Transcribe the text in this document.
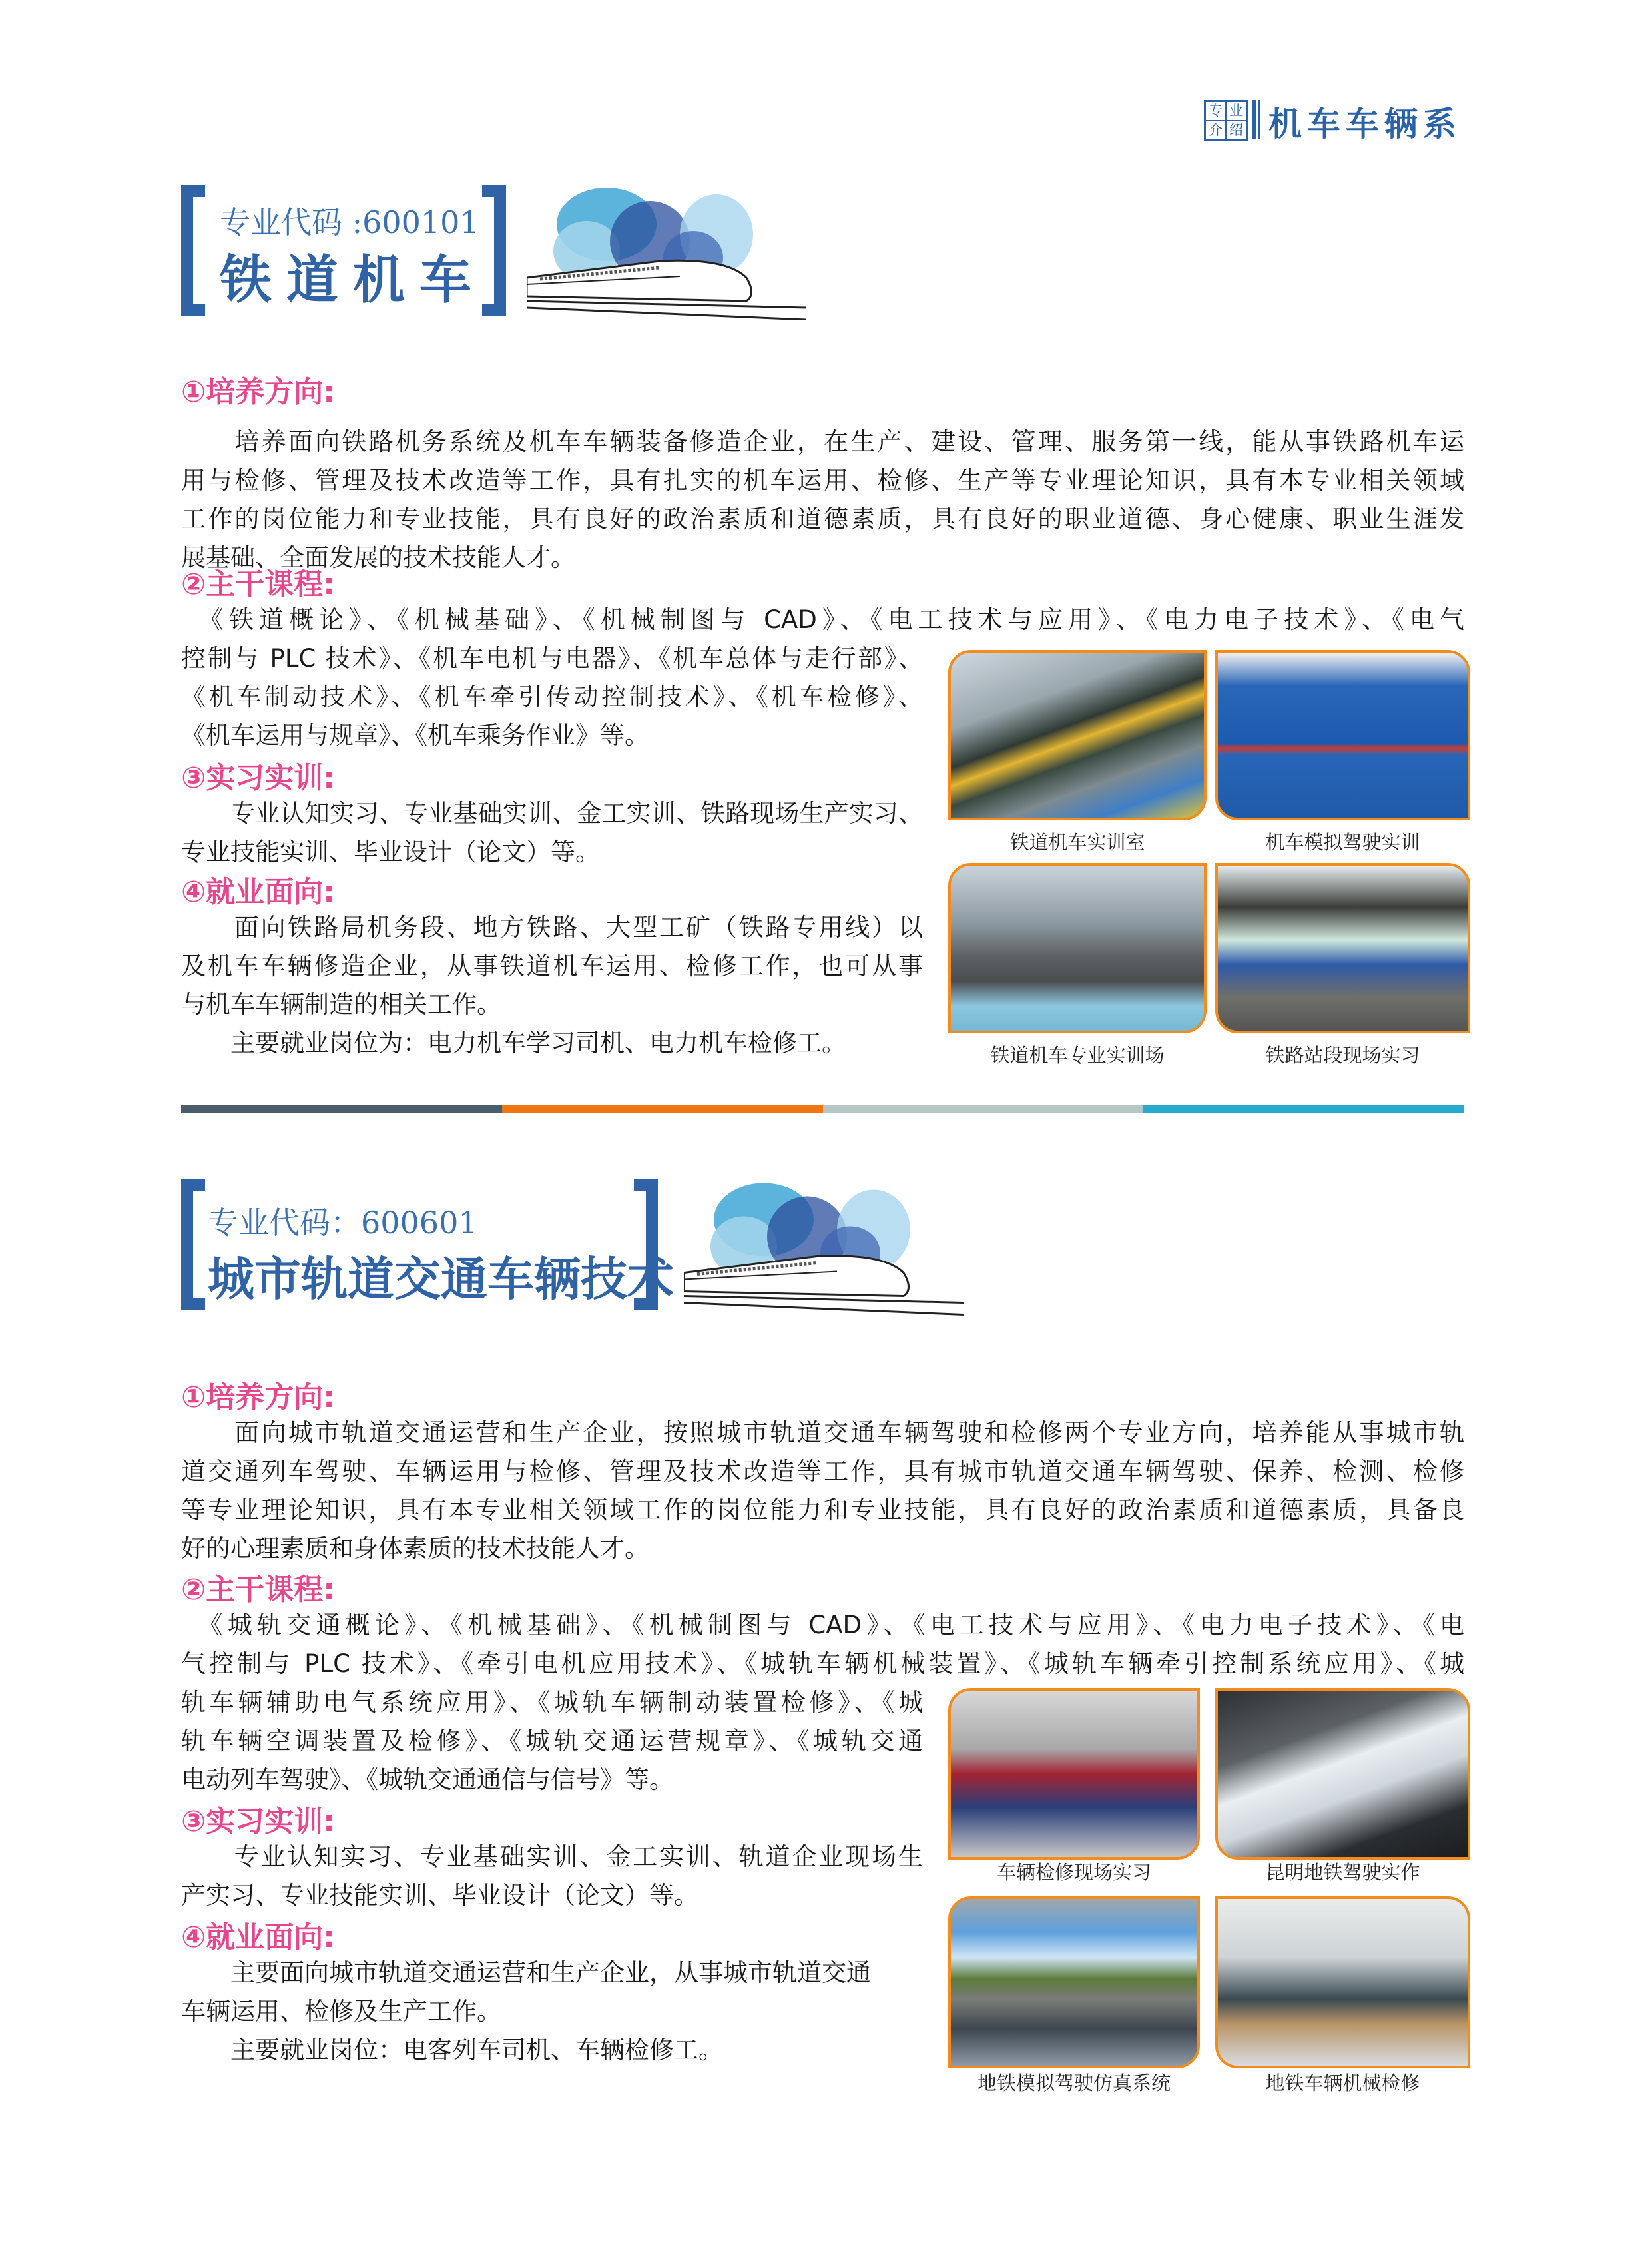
专 业
介 绍 机车车辆系
专业代码 :600101
铁道机车
①培养方向:
　　培养面向铁路机务系统及机车车辆装备修造企业，在生产、建设、管理、服务第一线，能从事铁路机车运
用与检修、管理及技术改造等工作，具有扎实的机车运用、检修、生产等专业理论知识，具有本专业相关领域
工作的岗位能力和专业技能，具有良好的政治素质和道德素质，具有良好的职业道德、身心健康、职业生涯发
展基础、全面发展的技术技能人才。
②主干课程:
　《铁道概论》、《机械基础》、《机械制图与 CAD》、《电工技术与应用》、《电力电子技术》、《电气
控制与 PLC 技术》、《机车电机与电器》、《机车总体与走行部》、
《机车制动技术》、《机车牵引传动控制技术》、《机车检修》、
《机车运用与规章》、《机车乘务作业》等。
③实习实训:
　　专业认知实习、专业基础实训、金工实训、铁路现场生产实习、
专业技能实训、毕业设计（论文）等。
④就业面向:
　　面向铁路局机务段、地方铁路、大型工矿（铁路专用线）以
及机车车辆修造企业，从事铁道机车运用、检修工作，也可从事
与机车车辆制造的相关工作。
　　主要就业岗位为：电力机车学习司机、电力机车检修工。
铁道机车实训室	机车模拟驾驶实训
铁道机车专业实训场	铁路站段现场实习
专业代码：600601
城市轨道交通车辆技术
①培养方向:
　　面向城市轨道交通运营和生产企业，按照城市轨道交通车辆驾驶和检修两个专业方向，培养能从事城市轨
道交通列车驾驶、车辆运用与检修、管理及技术改造等工作，具有城市轨道交通车辆驾驶、保养、检测、检修
等专业理论知识，具有本专业相关领域工作的岗位能力和专业技能，具有良好的政治素质和道德素质，具备良
好的心理素质和身体素质的技术技能人才。
②主干课程:
　《城轨交通概论》、《机械基础》、《机械制图与 CAD》、《电工技术与应用》、《电力电子技术》、《电
气控制与 PLC 技术》、《牵引电机应用技术》、《城轨车辆机械装置》、《城轨车辆牵引控制系统应用》、《城
轨车辆辅助电气系统应用》、《城轨车辆制动装置检修》、《城
轨车辆空调装置及检修》、《城轨交通运营规章》、《城轨交通
电动列车驾驶》、《城轨交通通信与信号》等。
③实习实训:
　　专业认知实习、专业基础实训、金工实训、轨道企业现场生
产实习、专业技能实训、毕业设计（论文）等。
④就业面向:
　　主要面向城市轨道交通运营和生产企业，从事城市轨道交通
车辆运用、检修及生产工作。
　　主要就业岗位：电客列车司机、车辆检修工。
车辆检修现场实习	昆明地铁驾驶实作
地铁模拟驾驶仿真系统	地铁车辆机械检修
